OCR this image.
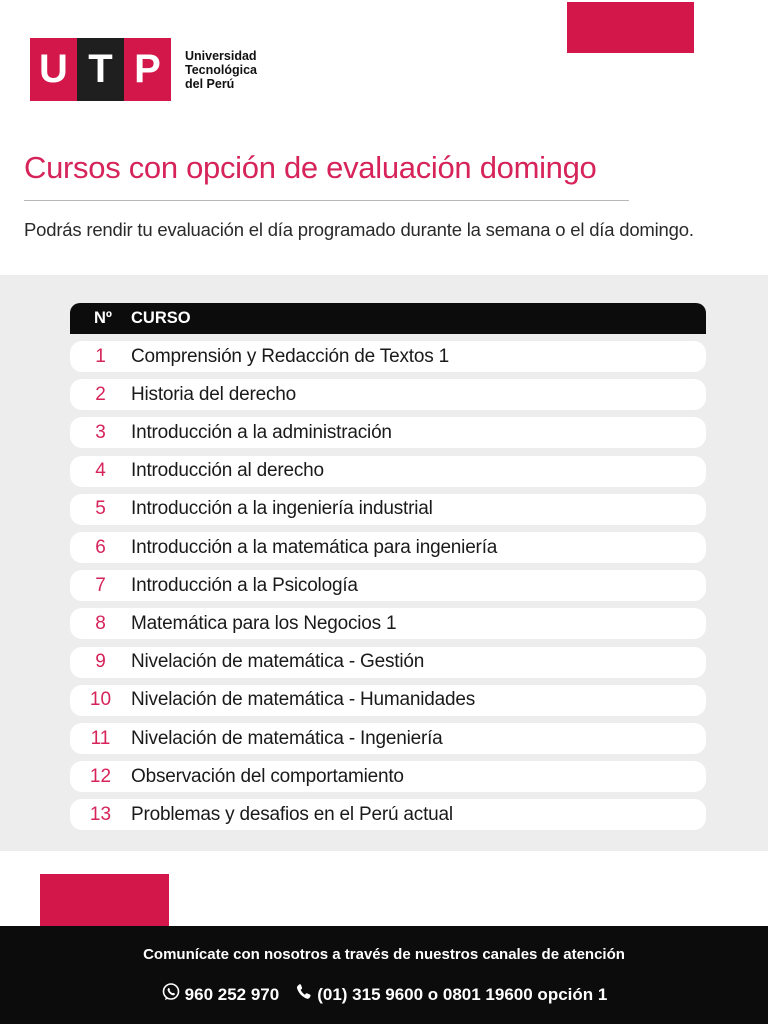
U T P	Universidad
Tecnológica
del Perú
Cursos con opción de evaluación domingo

Podrás rendir tu evaluación el día programado durante la semana o el día domingo.

Nº	CURSO
1	Comprensión y Redacción de Textos 1
2	Historia del derecho
3	Introducción a la administración
4	Introducción al derecho
5	Introducción a la ingeniería industrial
6	Introducción a la matemática para ingeniería
7	Introducción a la Psicología
8	Matemática para los Negocios 1
9	Nivelación de matemática - Gestión
10	Nivelación de matemática - Humanidades
11	Nivelación de matemática - Ingeniería
12	Observación del comportamiento
13	Problemas y desafios en el Perú actual
Comunícate con nosotros a través de nuestros canales de atención
960 252 970 (01) 315 9600 o 0801 19600 opción 1
